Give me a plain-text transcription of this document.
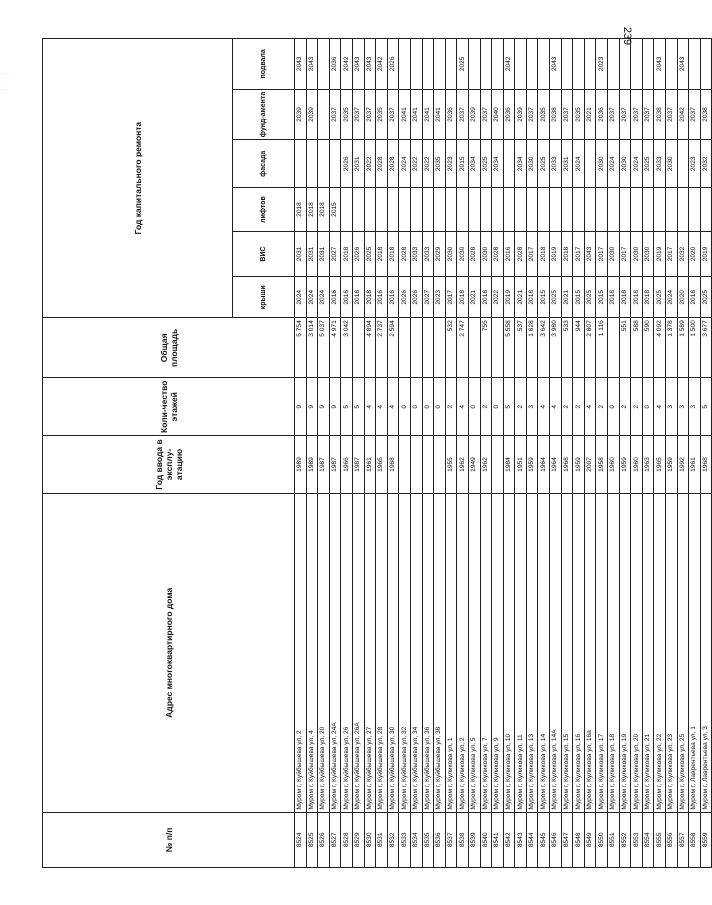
239
· · ·
·
· ·
№ п/п	Адрес многоквартирного дома	Год ввода в эксплу-атацию	Коли-чество этажей	Общая площадь	Год капитального ремонта					
					крыши	ВИС	лифтов	фасада	фунд-амента	подвала
8524	Муром г, Куйбышева ул, 2	1989	9	5 754	2024	2031	2018		2039	2043
8525	Муром г, Куйбышева ул, 4	1989	9	3 014	2024	2031	2018		2039	2043
8526	Муром г, Куйбышева ул, 20	1987	9	5 037	2024	2031	2018			
8527	Муром г, Куйбышева ул, 24А	1987	9	4 971	2016	2027	2015		2037	2036
8528	Муром г, Куйбышева ул, 26	1966	5	3 042	2016	2018		2026	2035	2042
8529	Муром г, Куйбышева ул, 26А	1987	5		2018	2026		2031	2037	2043
8530	Муром г, Куйбышева ул, 27	1961	4	4 894	2018	2025		2022	2037	2043
8531	Муром г, Куйбышева ул, 28	1965	4	2 737	2016	2018		2028	2035	2042
8532	Муром г, Куйбышева ул, 30	1968	4	2 594	2016	2018		2028	2037	2026
8533	Муром г, Куйбышева ул, 32		0		2026	2028		2024	2041	
8534	Муром г, Куйбышева ул, 34		0		2026	2033		2022	2041	
8535	Муром г, Куйбышева ул, 36		0		2027	2033		2022	2041	
8536	Муром г, Куйбышева ул, 38		0		2023	2029		2035	2041	
8537	Муром г, Куликова ул, 1	1955	2	532	2017	2030		2023	2036	
8538	Муром г, Куликова ул, 2	1962	4	2 747	2018	2030		2015	2037	2025
8539	Муром г, Куликова ул, 5	1949	0		2021	2028		2034	2039	
8540	Муром г, Куликова ул, 7	1962	2	755	2018	2030		2025	2037	
8541	Муром г, Куликова ул, 9		0		2022	2028		2034	2040	
8542	Муром г, Куликова ул, 10	1984	5	5 558	2019	2016			2036	2042
8543	Муром г, Куликова ул, 11	1951	2	537	2021	2028		2034	2039	
8544	Муром г, Куликова ул, 13	1959	3	1 628	2018	2017		2030	2037	
8545	Муром г, Куликова ул, 14	1964	4	3 642	2015	2018		2025	2035	
8546	Муром г, Куликова ул, 14А	1964	4	3 980	2025	2019		2033	2038	2043
8547	Муром г, Куликова ул, 15	1968	2	533	2021	2018		2031	2037	
8548	Муром г, Куликова ул, 16	1959	2	944	2015	2017		2024	2035	
8549	Муром г, Куликова ул, 16а	2007	4	2 807	2025	2043			2021	
8550	Муром г, Куликова ул, 17	1958	2	1 116	2015	2017		2030	2036	2023
8551	Муром г, Куликова ул, 18	1960	0		2018	2030		2024	2037	
8552	Муром г, Куликова ул, 19	1959	2	551	2018	2017		2030	2037	
8553	Муром г, Куликова ул, 20	1960	2	588	2018	2030		2024	2037	
8554	Муром г, Куликова ул, 21	1963	0	590	2018	2030		2025	2037	
8555	Муром г, Куликова ул, 22	1965	4	4 092	2025	2019		2033	2038	2043
8556	Муром г, Куликова ул, 23	1959	3	1 378	2024	2017		2030	2037	
8557	Муром г, Куликова ул, 25	1992	3	1 589	2020	2032			2042	2043
8558	Муром г, Лаврентьева ул, 1	1961	3	1 500	2018	2020		2023	2037	
8559	Муром г, Лаврентьева ул, 3	1968	5	3 677	2025	2019		2032	2038	
